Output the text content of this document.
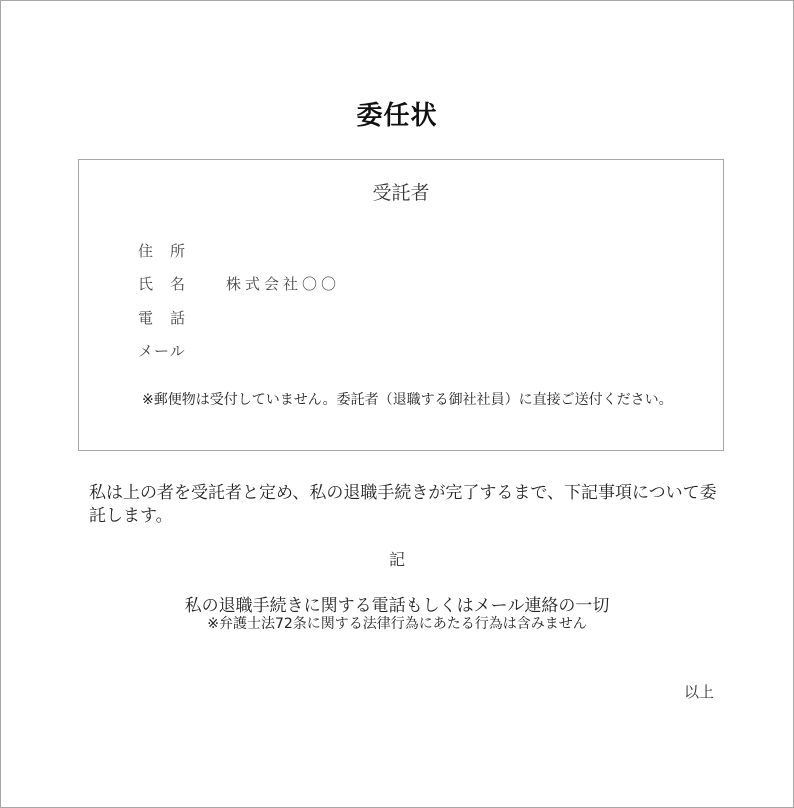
委任状
受託者
住　所
氏　名	株式会社〇〇
電　話
メール
※郵便物は受付していません。委託者（退職する御社社員）に直接ご送付ください。
私は上の者を受託者と定め、私の退職手続きが完了するまで、下記事項について委託します。
記
私の退職手続きに関する電話もしくはメール連絡の一切
※弁護士法72条に関する法律行為にあたる行為は含みません
以上
